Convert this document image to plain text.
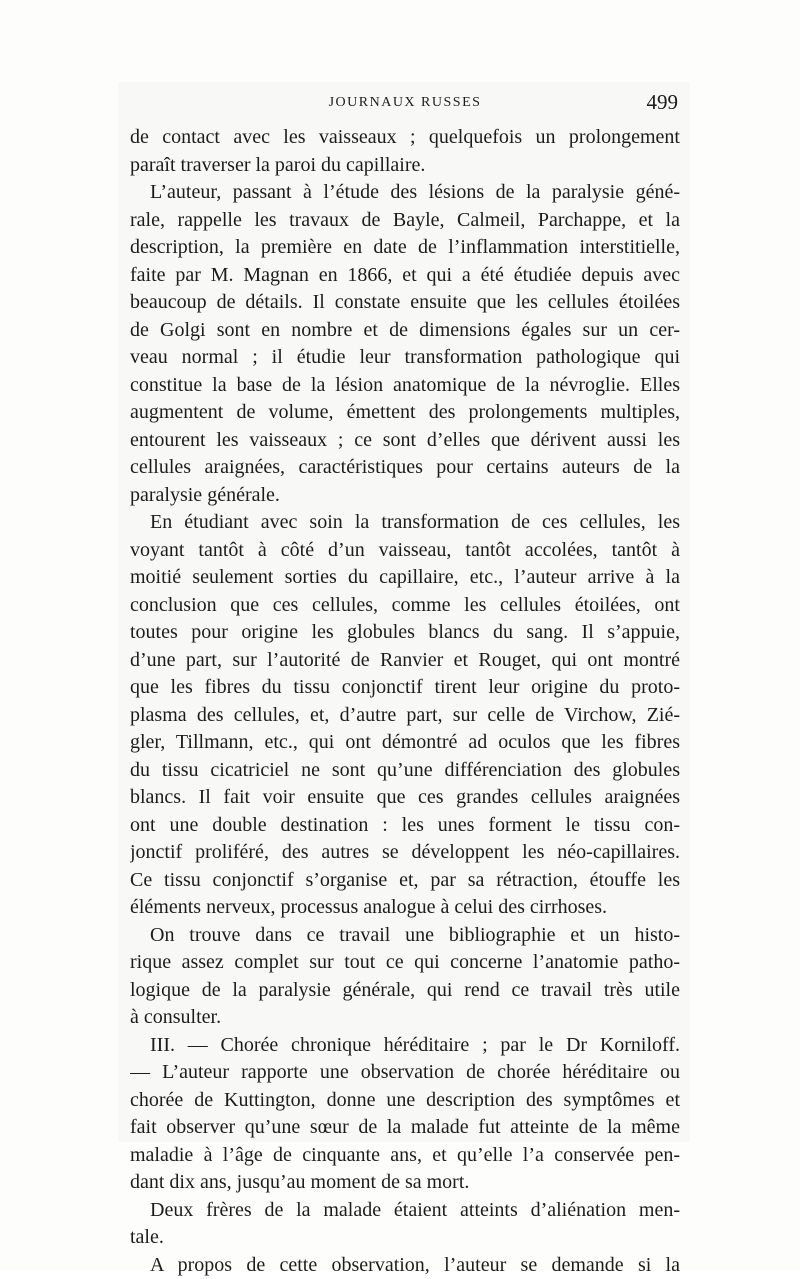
JOURNAUX RUSSES	499
de contact avec les vaisseaux ; quelquefois un prolongement
paraît traverser la paroi du capillaire.
L’auteur, passant à l’étude des lésions de la paralysie géné-
rale, rappelle les travaux de Bayle, Calmeil, Parchappe, et la
description, la première en date de l’inflammation interstitielle,
faite par M. Magnan en 1866, et qui a été étudiée depuis avec
beaucoup de détails. Il constate ensuite que les cellules étoilées
de Golgi sont en nombre et de dimensions égales sur un cer-
veau normal ; il étudie leur transformation pathologique qui
constitue la base de la lésion anatomique de la névroglie. Elles
augmentent de volume, émettent des prolongements multiples,
entourent les vaisseaux ; ce sont d’elles que dérivent aussi les
cellules araignées, caractéristiques pour certains auteurs de la
paralysie générale.
En étudiant avec soin la transformation de ces cellules, les
voyant tantôt à côté d’un vaisseau, tantôt accolées, tantôt à
moitié seulement sorties du capillaire, etc., l’auteur arrive à la
conclusion que ces cellules, comme les cellules étoilées, ont
toutes pour origine les globules blancs du sang. Il s’appuie,
d’une part, sur l’autorité de Ranvier et Rouget, qui ont montré
que les fibres du tissu conjonctif tirent leur origine du proto-
plasma des cellules, et, d’autre part, sur celle de Virchow, Zié-
gler, Tillmann, etc., qui ont démontré ad oculos que les fibres
du tissu cicatriciel ne sont qu’une différenciation des globules
blancs. Il fait voir ensuite que ces grandes cellules araignées
ont une double destination : les unes forment le tissu con-
jonctif proliféré, des autres se développent les néo-capillaires.
Ce tissu conjonctif s’organise et, par sa rétraction, étouffe les
éléments nerveux, processus analogue à celui des cirrhoses.
On trouve dans ce travail une bibliographie et un histo-
rique assez complet sur tout ce qui concerne l’anatomie patho-
logique de la paralysie générale, qui rend ce travail très utile
à consulter.
III. — Chorée chronique héréditaire ; par le Dr Korniloff.
— L’auteur rapporte une observation de chorée héréditaire ou
chorée de Kuttington, donne une description des symptômes et
fait observer qu’une sœur de la malade fut atteinte de la même
maladie à l’âge de cinquante ans, et qu’elle l’a conservée pen-
dant dix ans, jusqu’au moment de sa mort.
Deux frères de la malade étaient atteints d’aliénation men-
tale.
A propos de cette observation, l’auteur se demande si la
